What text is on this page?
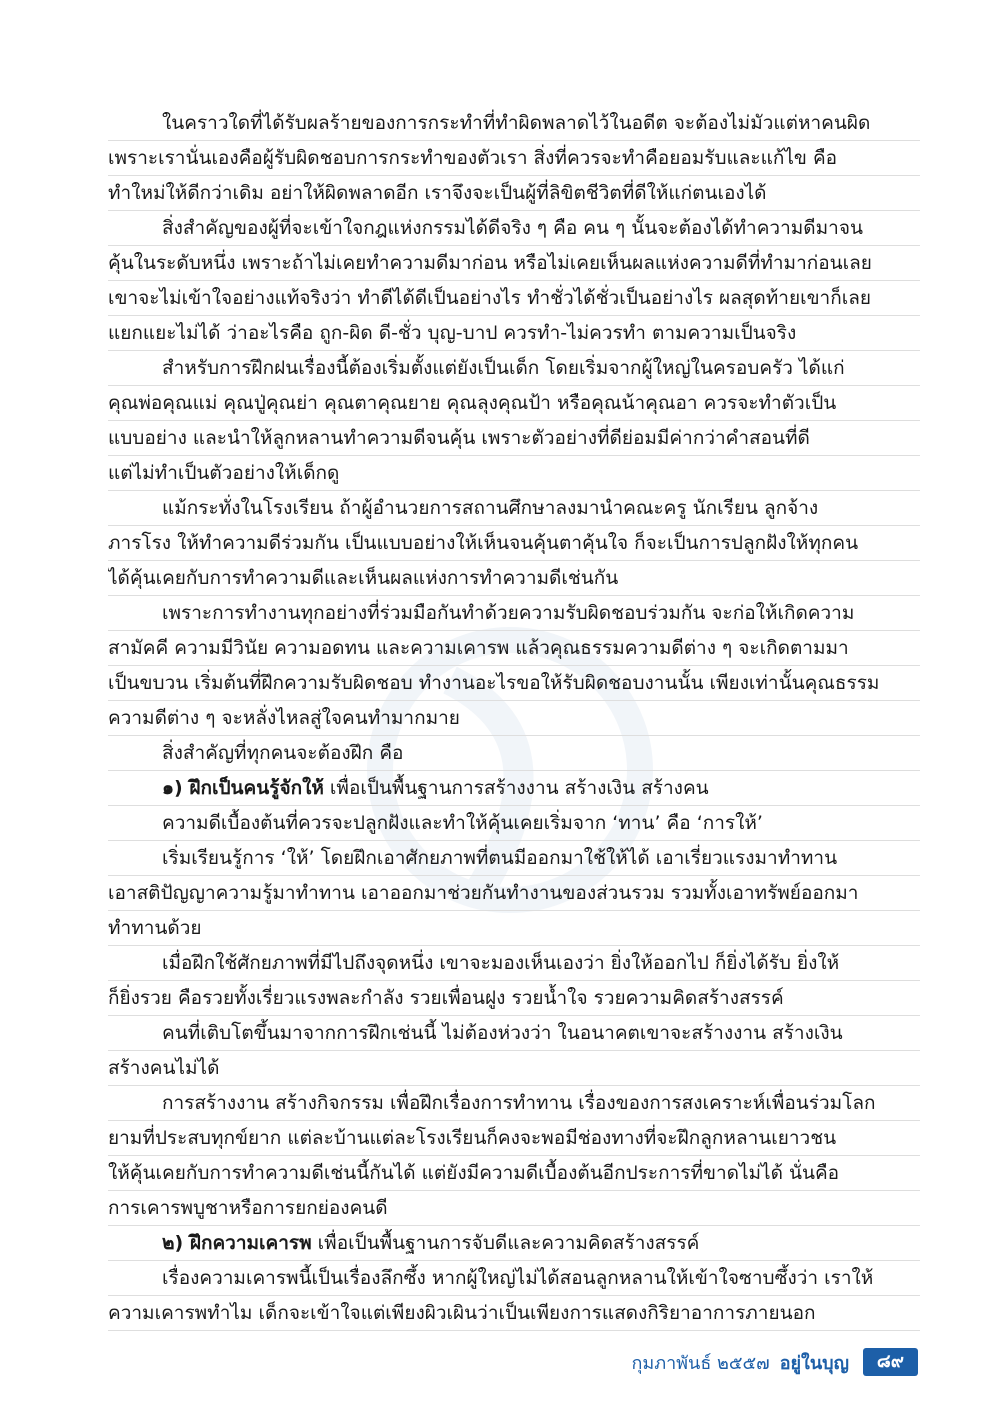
ในคราวใดที่ได้รับผลร้ายของการกระทำที่ทำผิดพลาดไว้ในอดีต จะต้องไม่มัวแต่หาคนผิด
เพราะเรานั่นเองคือผู้รับผิดชอบการกระทำของตัวเรา สิ่งที่ควรจะทำคือยอมรับและแก้ไข คือ
ทำใหม่ให้ดีกว่าเดิม อย่าให้ผิดพลาดอีก เราจึงจะเป็นผู้ที่ลิขิตชีวิตที่ดีให้แก่ตนเองได้
สิ่งสำคัญของผู้ที่จะเข้าใจกฎแห่งกรรมได้ดีจริง ๆ คือ คน ๆ นั้นจะต้องได้ทำความดีมาจน
คุ้นในระดับหนึ่ง เพราะถ้าไม่เคยทำความดีมาก่อน หรือไม่เคยเห็นผลแห่งความดีที่ทำมาก่อนเลย
เขาจะไม่เข้าใจอย่างแท้จริงว่า ทำดีได้ดีเป็นอย่างไร ทำชั่วได้ชั่วเป็นอย่างไร ผลสุดท้ายเขาก็เลย
แยกแยะไม่ได้ ว่าอะไรคือ ถูก-ผิด ดี-ชั่ว บุญ-บาป ควรทำ-ไม่ควรทำ ตามความเป็นจริง
สำหรับการฝึกฝนเรื่องนี้ต้องเริ่มตั้งแต่ยังเป็นเด็ก โดยเริ่มจากผู้ใหญ่ในครอบครัว ได้แก่
คุณพ่อคุณแม่ คุณปู่คุณย่า คุณตาคุณยาย คุณลุงคุณป้า หรือคุณน้าคุณอา ควรจะทำตัวเป็น
แบบอย่าง และนำให้ลูกหลานทำความดีจนคุ้น เพราะตัวอย่างที่ดีย่อมมีค่ากว่าคำสอนที่ดี
แต่ไม่ทำเป็นตัวอย่างให้เด็กดู
แม้กระทั่งในโรงเรียน ถ้าผู้อำนวยการสถานศึกษาลงมานำคณะครู นักเรียน ลูกจ้าง
ภารโรง ให้ทำความดีร่วมกัน เป็นแบบอย่างให้เห็นจนคุ้นตาคุ้นใจ ก็จะเป็นการปลูกฝังให้ทุกคน
ได้คุ้นเคยกับการทำความดีและเห็นผลแห่งการทำความดีเช่นกัน
เพราะการทำงานทุกอย่างที่ร่วมมือกันทำด้วยความรับผิดชอบร่วมกัน จะก่อให้เกิดความ
สามัคคี ความมีวินัย ความอดทน และความเคารพ แล้วคุณธรรมความดีต่าง ๆ จะเกิดตามมา
เป็นขบวน เริ่มต้นที่ฝึกความรับผิดชอบ ทำงานอะไรขอให้รับผิดชอบงานนั้น เพียงเท่านั้นคุณธรรม
ความดีต่าง ๆ จะหลั่งไหลสู่ใจคนทำมากมาย
สิ่งสำคัญที่ทุกคนจะต้องฝึก คือ
๑) ฝึกเป็นคนรู้จักให้ เพื่อเป็นพื้นฐานการสร้างงาน สร้างเงิน สร้างคน
ความดีเบื้องต้นที่ควรจะปลูกฝังและทำให้คุ้นเคยเริ่มจาก ‘ทาน’ คือ ‘การให้’
เริ่มเรียนรู้การ ‘ให้’ โดยฝึกเอาศักยภาพที่ตนมีออกมาใช้ให้ได้ เอาเรี่ยวแรงมาทำทาน
เอาสติปัญญาความรู้มาทำทาน เอาออกมาช่วยกันทำงานของส่วนรวม รวมทั้งเอาทรัพย์ออกมา
ทำทานด้วย
เมื่อฝึกใช้ศักยภาพที่มีไปถึงจุดหนึ่ง เขาจะมองเห็นเองว่า ยิ่งให้ออกไป ก็ยิ่งได้รับ ยิ่งให้
ก็ยิ่งรวย คือรวยทั้งเรี่ยวแรงพละกำลัง รวยเพื่อนฝูง รวยน้ำใจ รวยความคิดสร้างสรรค์
คนที่เติบโตขึ้นมาจากการฝึกเช่นนี้ ไม่ต้องห่วงว่า ในอนาคตเขาจะสร้างงาน สร้างเงิน
สร้างคนไม่ได้
การสร้างงาน สร้างกิจกรรม เพื่อฝึกเรื่องการทำทาน เรื่องของการสงเคราะห์เพื่อนร่วมโลก
ยามที่ประสบทุกข์ยาก แต่ละบ้านแต่ละโรงเรียนก็คงจะพอมีช่องทางที่จะฝึกลูกหลานเยาวชน
ให้คุ้นเคยกับการทำความดีเช่นนี้กันได้ แต่ยังมีความดีเบื้องต้นอีกประการที่ขาดไม่ได้ นั่นคือ
การเคารพบูชาหรือการยกย่องคนดี
๒) ฝึกความเคารพ เพื่อเป็นพื้นฐานการจับดีและความคิดสร้างสรรค์
เรื่องความเคารพนี้เป็นเรื่องลึกซึ้ง หากผู้ใหญ่ไม่ได้สอนลูกหลานให้เข้าใจซาบซึ้งว่า เราให้
ความเคารพทำไม เด็กจะเข้าใจแต่เพียงผิวเผินว่าเป็นเพียงการแสดงกิริยาอาการภายนอก
กุมภาพันธ์ ๒๕๕๗ อยู่ในบุญ	๘๙
